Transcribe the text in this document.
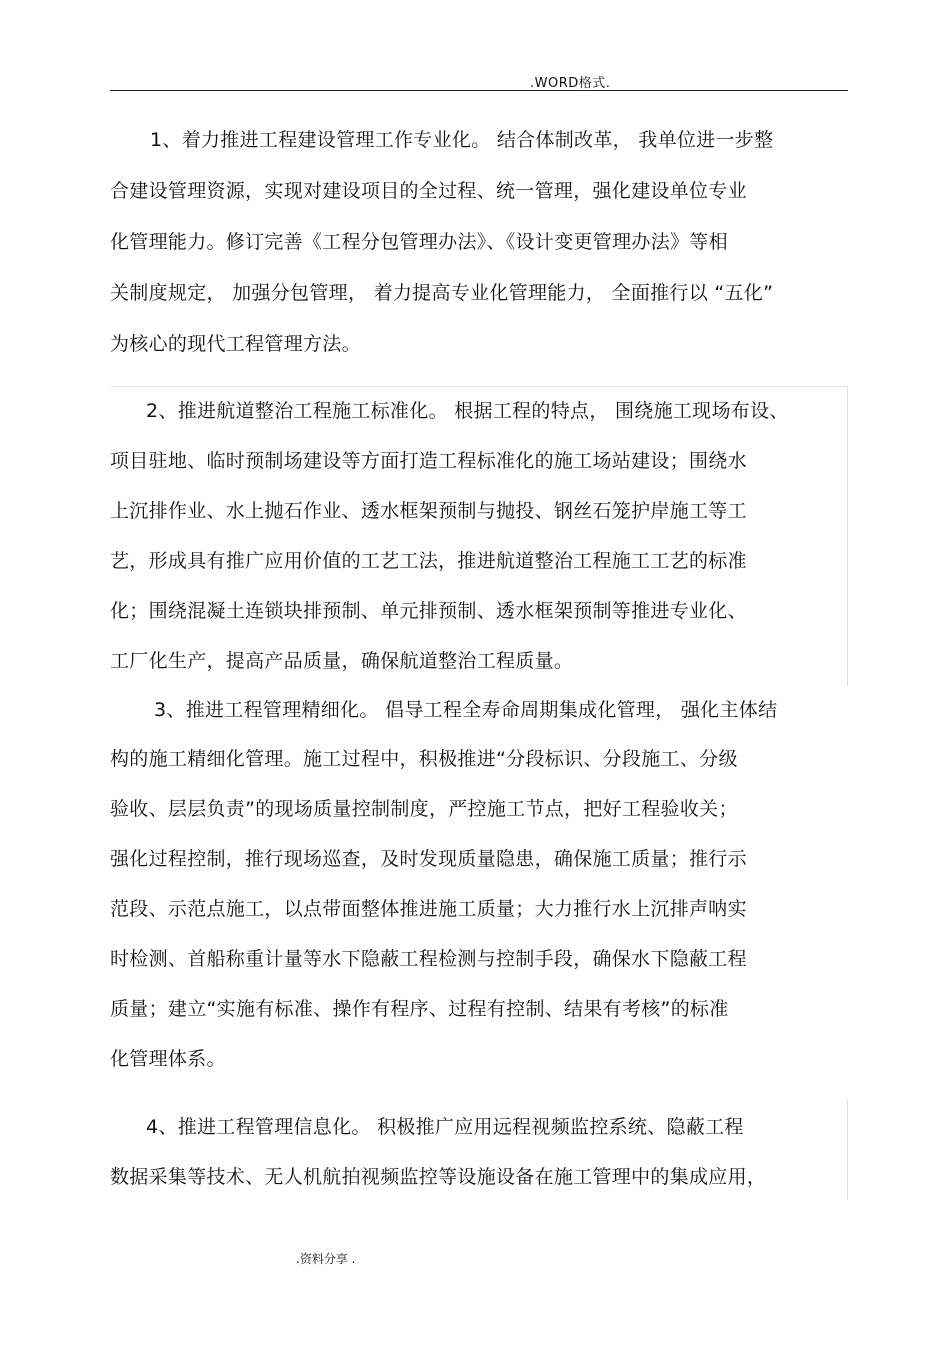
.WORD格式.
1、着力推进工程建设管理工作专业化。 结合体制改革， 我单位进一步整
合建设管理资源，实现对建设项目的全过程、统一管理，强化建设单位专业
化管理能力。修订完善《工程分包管理办法》、《设计变更管理办法》等相
关制度规定， 加强分包管理， 着力提高专业化管理能力， 全面推行以 “五化”
为核心的现代工程管理方法。
2、推进航道整治工程施工标准化。 根据工程的特点， 围绕施工现场布设、
项目驻地、临时预制场建设等方面打造工程标准化的施工场站建设；围绕水
上沉排作业、水上抛石作业、透水框架预制与抛投、钢丝石笼护岸施工等工
艺，形成具有推广应用价值的工艺工法，推进航道整治工程施工工艺的标准
化；围绕混凝土连锁块排预制、单元排预制、透水框架预制等推进专业化、
工厂化生产，提高产品质量，确保航道整治工程质量。
3、推进工程管理精细化。 倡导工程全寿命周期集成化管理， 强化主体结
构的施工精细化管理。施工过程中，积极推进“分段标识、分段施工、分级
验收、层层负责”的现场质量控制制度，严控施工节点，把好工程验收关；
强化过程控制，推行现场巡查，及时发现质量隐患，确保施工质量；推行示
范段、示范点施工，以点带面整体推进施工质量；大力推行水上沉排声呐实
时检测、首船称重计量等水下隐蔽工程检测与控制手段，确保水下隐蔽工程
质量；建立“实施有标准、操作有程序、过程有控制、结果有考核”的标准
化管理体系。
4、推进工程管理信息化。 积极推广应用远程视频监控系统、隐蔽工程
数据采集等技术、无人机航拍视频监控等设施设备在施工管理中的集成应用，
.资料分享 .
